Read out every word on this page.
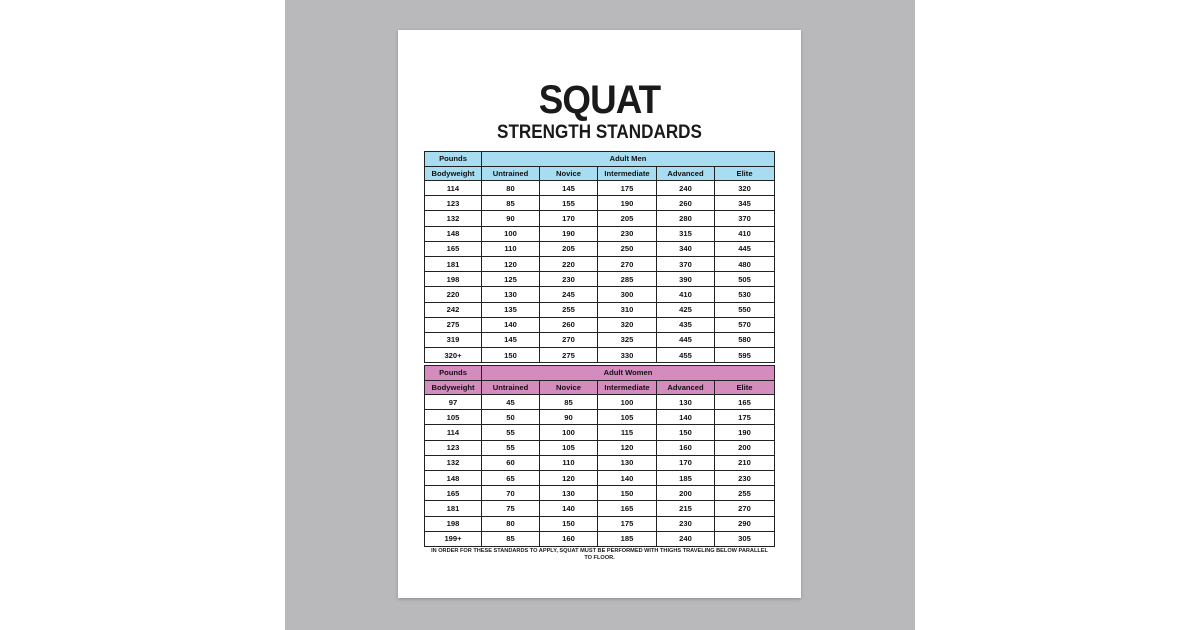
SQUAT
STRENGTH STANDARDS
Pounds	Adult Men				
Bodyweight	Untrained	Novice	Intermediate	Advanced	Elite
114	80	145	175	240	320
123	85	155	190	260	345
132	90	170	205	280	370
148	100	190	230	315	410
165	110	205	250	340	445
181	120	220	270	370	480
198	125	230	285	390	505
220	130	245	300	410	530
242	135	255	310	425	550
275	140	260	320	435	570
319	145	270	325	445	580
320+	150	275	330	455	595
Pounds	Adult Women				
Bodyweight	Untrained	Novice	Intermediate	Advanced	Elite
97	45	85	100	130	165
105	50	90	105	140	175
114	55	100	115	150	190
123	55	105	120	160	200
132	60	110	130	170	210
148	65	120	140	185	230
165	70	130	150	200	255
181	75	140	165	215	270
198	80	150	175	230	290
199+	85	160	185	240	305
IN ORDER FOR THESE STANDARDS TO APPLY, SQUAT MUST BE PERFORMED WITH THIGHS TRAVELING BELOW PARALLEL TO FLOOR.
